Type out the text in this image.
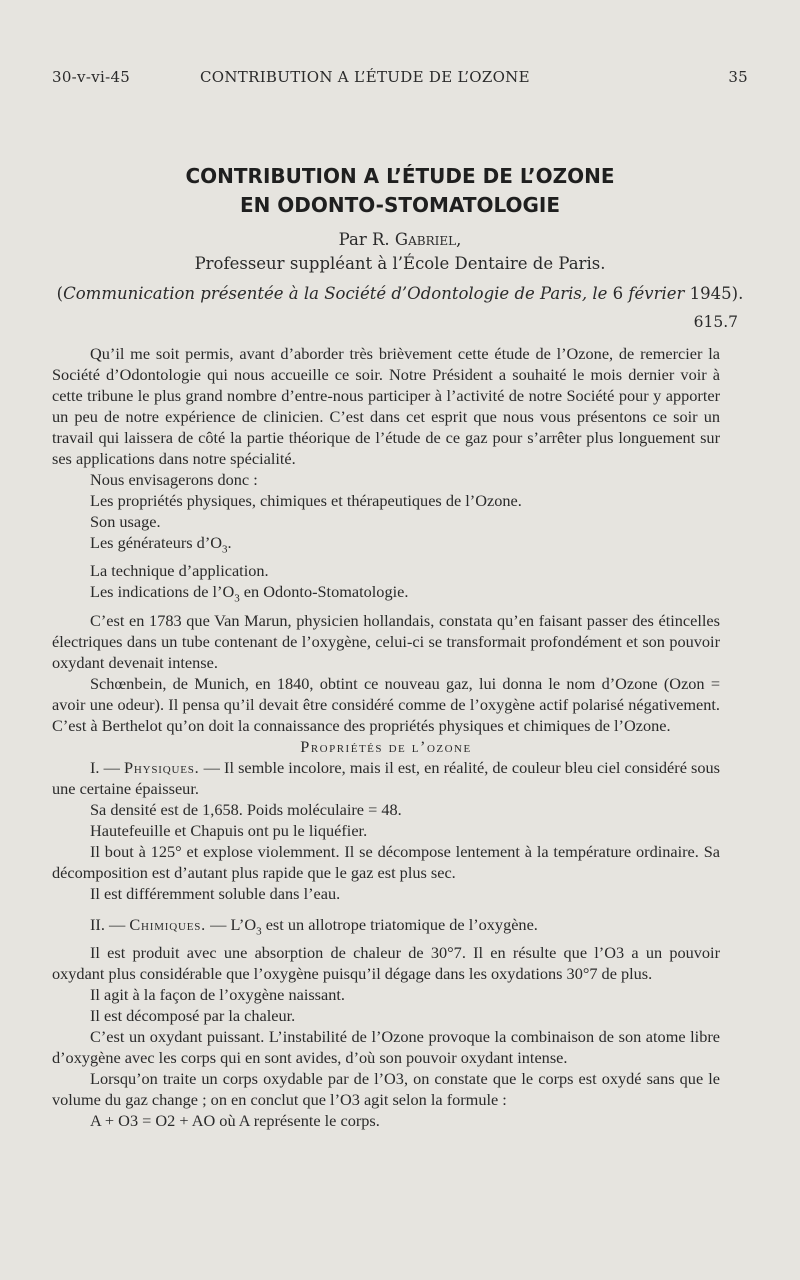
30-v-vi-45	CONTRIBUTION A L’ÉTUDE DE L’OZONE	35
CONTRIBUTION A L’ÉTUDE DE L’OZONE
EN ODONTO-STOMATOLOGIE
Par R. Gabriel,
Professeur suppléant à l’École Dentaire de Paris.
(Communication présentée à la Société d’Odontologie de Paris, le 6 février 1945).
615.7

Qu’il me soit permis, avant d’aborder très brièvement cette étude de l’Ozone, de remercier la Société d’Odontologie qui nous accueille ce soir. Notre Président a souhaité le mois dernier voir à cette tribune le plus grand nombre d’entre-nous participer à l’activité de notre Société pour y apporter un peu de notre expérience de clinicien. C’est dans cet esprit que nous vous présentons ce soir un travail qui laissera de côté la partie théorique de l’étude de ce gaz pour s’arrêter plus longuement sur ses applications dans notre spécialité.

Nous envisagerons donc :

Les propriétés physiques, chimiques et thérapeutiques de l’Ozone.

Son usage.

Les générateurs $d’O_3$.

La technique d’application.

Les indications de $l’O_3$ en Odonto-Stomatologie.

C’est en 1783 que Van Marun, physicien hollandais, constata qu’en faisant passer des étincelles électriques dans un tube contenant de l’oxygène, celui-ci se transformait profondément et son pouvoir oxydant devenait intense.

Schœnbein, de Munich, en 1840, obtint ce nouveau gaz, lui donna le nom d’Ozone (Ozon = avoir une odeur). Il pensa qu’il devait être considéré comme de l’oxygène actif polarisé négativement. C’est à Berthelot qu’on doit la connaissance des propriétés physiques et chimiques de l’Ozone.

Propriétés de l’ozone

I. — Physiques. — Il semble incolore, mais il est, en réalité, de couleur bleu ciel considéré sous une certaine épaisseur.

Sa densité est de 1,658. Poids moléculaire = 48.

Hautefeuille et Chapuis ont pu le liquéfier.

Il bout à 125° et explose violemment. Il se décompose lentement à la température ordinaire. Sa décomposition est d’autant plus rapide que le gaz est plus sec.

Il est différemment soluble dans l’eau.

II. — Chimiques. — $L’O_3$ est un allotrope triatomique de l’oxygène.

Il est produit avec une absorption de chaleur de 30°7. Il en résulte que l’O3 a un pouvoir oxydant plus considérable que l’oxygène puisqu’il dégage dans les oxydations 30°7 de plus.

Il agit à la façon de l’oxygène naissant.

Il est décomposé par la chaleur.

C’est un oxydant puissant. L’instabilité de l’Ozone provoque la combinaison de son atome libre d’oxygène avec les corps qui en sont avides, d’où son pouvoir oxydant intense.

Lorsqu’on traite un corps oxydable par de l’O3, on constate que le corps est oxydé sans que le volume du gaz change ; on en conclut que l’O3 agit selon la formule :

A + O3 = O2 + AO où A représente le corps.
